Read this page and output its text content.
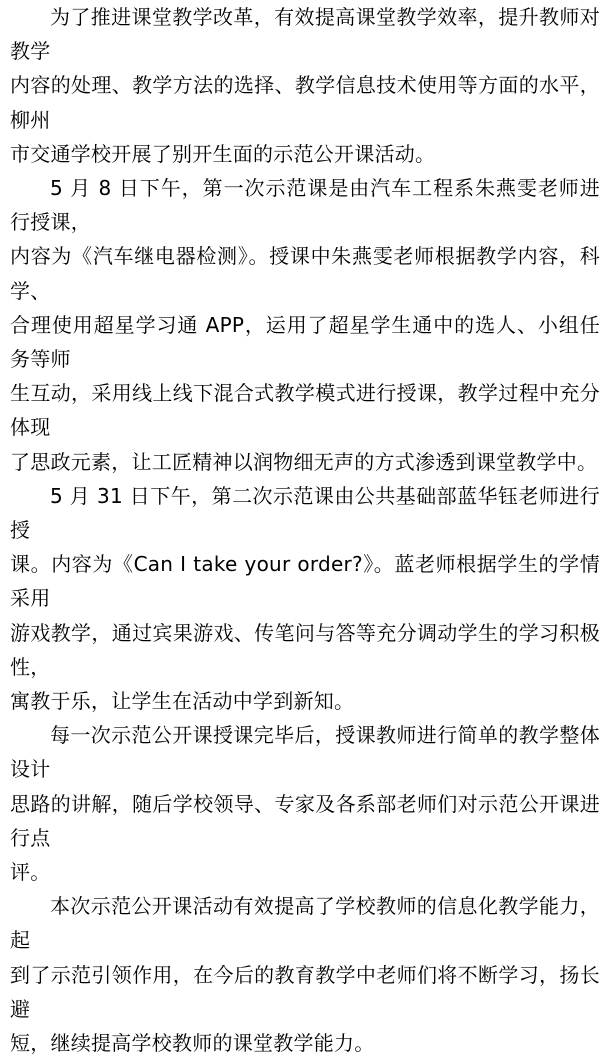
为了推进课堂教学改革，有效提高课堂教学效率，提升教师对教学
内容的处理、教学方法的选择、教学信息技术使用等方面的水平，柳州
市交通学校开展了别开生面的示范公开课活动。

5 月 8 日下午，第一次示范课是由汽车工程系朱燕雯老师进行授课，
内容为《汽车继电器检测》。授课中朱燕雯老师根据教学内容，科学、
合理使用超星学习通 APP，运用了超星学生通中的选人、小组任务等师
生互动，采用线上线下混合式教学模式进行授课，教学过程中充分体现
了思政元素，让工匠精神以润物细无声的方式渗透到课堂教学中。

5 月 31 日下午，第二次示范课由公共基础部蓝华钰老师进行授
课。内容为《Can I take your order?》。蓝老师根据学生的学情采用
游戏教学，通过宾果游戏、传笔问与答等充分调动学生的学习积极性，
寓教于乐，让学生在活动中学到新知。

每一次示范公开课授课完毕后，授课教师进行简单的教学整体设计
思路的讲解，随后学校领导、专家及各系部老师们对示范公开课进行点
评。

本次示范公开课活动有效提高了学校教师的信息化教学能力，起
到了示范引领作用，在今后的教育教学中老师们将不断学习，扬长避
短，继续提高学校教师的课堂教学能力。
